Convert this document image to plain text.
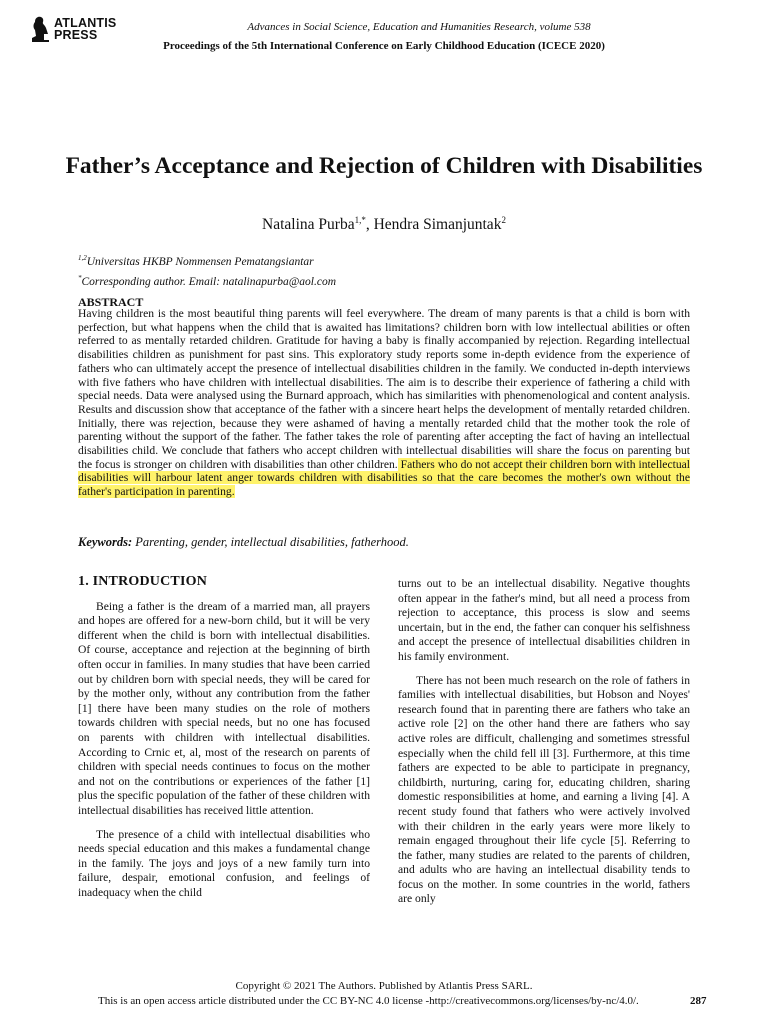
ATLANTIS
PRESS
Advances in Social Science, Education and Humanities Research, volume 538
Proceedings of the 5th International Conference on Early Childhood Education (ICECE 2020)
Father’s Acceptance and Rejection of Children with Disabilities
Natalina Purba$^{1,*}$, Hendra Simanjuntak$^2$
$^{1,2}$Universitas HKBP Nommensen Pematangsiantar
*Corresponding author. Email: natalinapurba@aol.com
ABSTRACT
Having children is the most beautiful thing parents will feel everywhere. The dream of many parents is that a child is born with perfection, but what happens when the child that is awaited has limitations? children born with low intellectual abilities or often referred to as mentally retarded children. Gratitude for having a baby is finally accompanied by rejection. Regarding intellectual disabilities children as punishment for past sins. This exploratory study reports some in-depth evidence from the experience of fathers who can ultimately accept the presence of intellectual disabilities children in the family. We conducted in-depth interviews with five fathers who have children with intellectual disabilities. The aim is to describe their experience of fathering a child with special needs. Data were analysed using the Burnard approach, which has similarities with phenomenological and content analysis. Results and discussion show that acceptance of the father with a sincere heart helps the development of mentally retarded children. Initially, there was rejection, because they were ashamed of having a mentally retarded child that the mother took the role of parenting without the support of the father. The father takes the role of parenting after accepting the fact of having an intellectual disabilities child. We conclude that fathers who accept children with intellectual disabilities will share the focus on parenting but the focus is stronger on children with disabilities than other children. Fathers who do not accept their children born with intellectual disabilities will harbour latent anger towards children with disabilities so that the care becomes the mother's own without the father's participation in parenting.
Keywords: Parenting, gender, intellectual disabilities, fatherhood.
1. INTRODUCTION

Being a father is the dream of a married man, all prayers and hopes are offered for a new-born child, but it will be very different when the child is born with intellectual disabilities. Of course, acceptance and rejection at the beginning of birth often occur in families. In many studies that have been carried out by children born with special needs, they will be cared for by the mother only, without any contribution from the father [1] there have been many studies on the role of mothers towards children with special needs, but no one has focused on parents with children with intellectual disabilities. According to Crnic et, al, most of the research on parents of children with special needs continues to focus on the mother and not on the contributions or experiences of the father [1] plus the specific population of the father of these children with intellectual disabilities has received little attention.

The presence of a child with intellectual disabilities who needs special education and this makes a fundamental change in the family. The joys and joys of a new family turn into failure, despair, emotional confusion, and feelings of inadequacy when the child

turns out to be an intellectual disability. Negative thoughts often appear in the father's mind, but all need a process from rejection to acceptance, this process is slow and seems uncertain, but in the end, the father can conquer his selfishness and accept the presence of intellectual disabilities children in his family environment.

There has not been much research on the role of fathers in families with intellectual disabilities, but Hobson and Noyes' research found that in parenting there are fathers who take an active role [2] on the other hand there are fathers who say active roles are difficult, challenging and sometimes stressful especially when the child fell ill [3]. Furthermore, at this time fathers are expected to be able to participate in pregnancy, childbirth, nurturing, caring for, educating children, sharing domestic responsibilities at home, and earning a living [4]. A recent study found that fathers who were actively involved with their children in the early years were more likely to remain engaged throughout their life cycle [5]. Referring to the father, many studies are related to the parents of children, and adults who are having an intellectual disability tends to focus on the mother. In some countries in the world, fathers are only

Copyright © 2021 The Authors. Published by Atlantis Press SARL.
This is an open access article distributed under the CC BY-NC 4.0 license -http://creativecommons.org/licenses/by-nc/4.0/.	287
